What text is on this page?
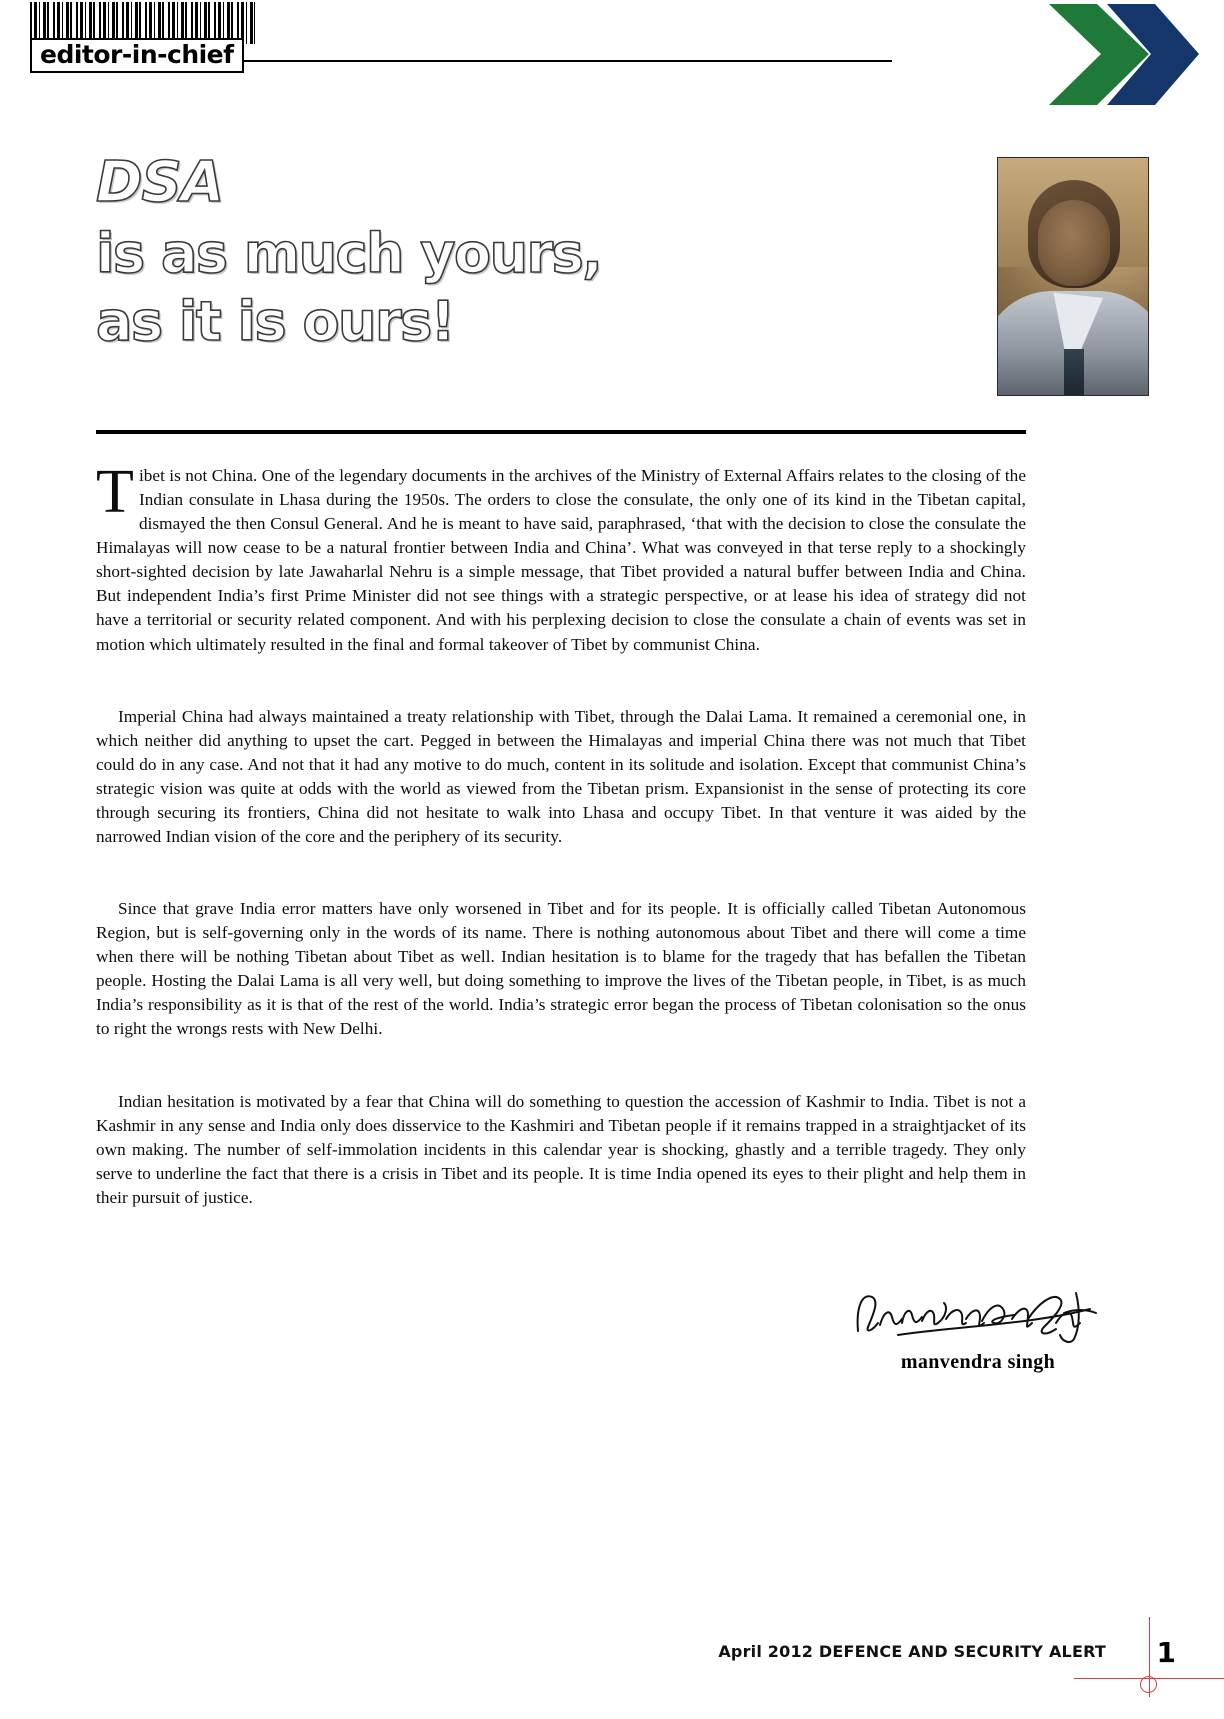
editor-in-chief
DSA
is as much yours,
as it is ours!

Tibet is not China. One of the legendary documents in the archives of the Ministry of External Affairs relates to the closing of the Indian consulate in Lhasa during the 1950s. The orders to close the consulate, the only one of its kind in the Tibetan capital, dismayed the then Consul General. And he is meant to have said, paraphrased, ‘that with the decision to close the consulate the Himalayas will now cease to be a natural frontier between India and China’. What was conveyed in that terse reply to a shockingly short-sighted decision by late Jawaharlal Nehru is a simple message, that Tibet provided a natural buffer between India and China. But independent India’s first Prime Minister did not see things with a strategic perspective, or at lease his idea of strategy did not have a territorial or security related component. And with his perplexing decision to close the consulate a chain of events was set in motion which ultimately resulted in the final and formal takeover of Tibet by communist China.

Imperial China had always maintained a treaty relationship with Tibet, through the Dalai Lama. It remained a ceremonial one, in which neither did anything to upset the cart. Pegged in between the Himalayas and imperial China there was not much that Tibet could do in any case. And not that it had any motive to do much, content in its solitude and isolation. Except that communist China’s strategic vision was quite at odds with the world as viewed from the Tibetan prism. Expansionist in the sense of protecting its core through securing its frontiers, China did not hesitate to walk into Lhasa and occupy Tibet. In that venture it was aided by the narrowed Indian vision of the core and the periphery of its security.

Since that grave India error matters have only worsened in Tibet and for its people. It is officially called Tibetan Autonomous Region, but is self-governing only in the words of its name. There is nothing autonomous about Tibet and there will come a time when there will be nothing Tibetan about Tibet as well. Indian hesitation is to blame for the tragedy that has befallen the Tibetan people. Hosting the Dalai Lama is all very well, but doing something to improve the lives of the Tibetan people, in Tibet, is as much India’s responsibility as it is that of the rest of the world. India’s strategic error began the process of Tibetan colonisation so the onus to right the wrongs rests with New Delhi.

Indian hesitation is motivated by a fear that China will do something to question the accession of Kashmir to India. Tibet is not a Kashmir in any sense and India only does disservice to the Kashmiri and Tibetan people if it remains trapped in a straightjacket of its own making. The number of self-immolation incidents in this calendar year is shocking, ghastly and a terrible tragedy. They only serve to underline the fact that there is a crisis in Tibet and its people. It is time India opened its eyes to their plight and help them in their pursuit of justice.

manvendra singh
April 2012 DEFENCE AND SECURITY ALERT 1
